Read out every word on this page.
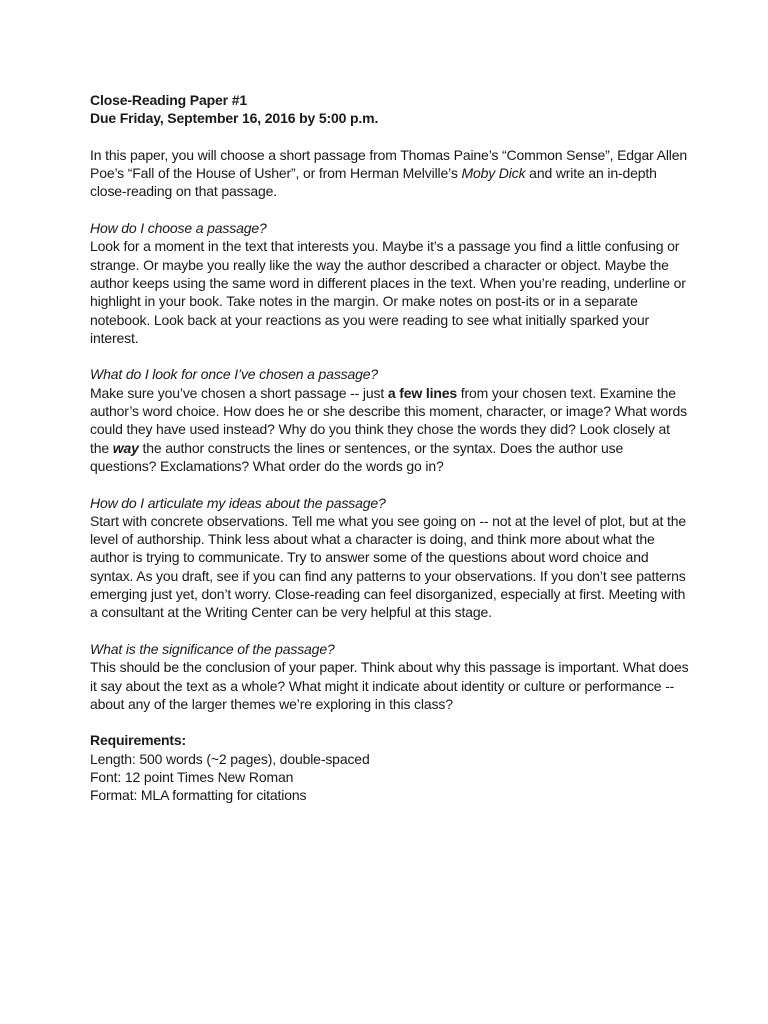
Close-Reading Paper #1
Due Friday, September 16, 2016 by 5:00 p.m.

In this paper, you will choose a short passage from Thomas Paine’s “Common Sense”, Edgar Allen Poe’s “Fall of the House of Usher”, or from Herman Melville’s Moby Dick and write an in-depth close-reading on that passage.

How do I choose a passage?

Look for a moment in the text that interests you. Maybe it’s a passage you find a little confusing or strange. Or maybe you really like the way the author described a character or object. Maybe the author keeps using the same word in different places in the text. When you’re reading, underline or highlight in your book. Take notes in the margin. Or make notes on post-its or in a separate notebook. Look back at your reactions as you were reading to see what initially sparked your interest.

What do I look for once I’ve chosen a passage?

Make sure you’ve chosen a short passage -- just a few lines from your chosen text. Examine the author’s word choice. How does he or she describe this moment, character, or image? What words could they have used instead? Why do you think they chose the words they did? Look closely at the way the author constructs the lines or sentences, or the syntax. Does the author use questions? Exclamations? What order do the words go in?

How do I articulate my ideas about the passage?

Start with concrete observations. Tell me what you see going on -- not at the level of plot, but at the level of authorship. Think less about what a character is doing, and think more about what the author is trying to communicate. Try to answer some of the questions about word choice and syntax. As you draft, see if you can find any patterns to your observations. If you don’t see patterns emerging just yet, don’t worry. Close-reading can feel disorganized, especially at first. Meeting with a consultant at the Writing Center can be very helpful at this stage.

What is the significance of the passage?

This should be the conclusion of your paper. Think about why this passage is important. What does it say about the text as a whole? What might it indicate about identity or culture or performance -- about any of the larger themes we’re exploring in this class?

Requirements:
Length: 500 words (~2 pages), double-spaced
Font: 12 point Times New Roman
Format: MLA formatting for citations
